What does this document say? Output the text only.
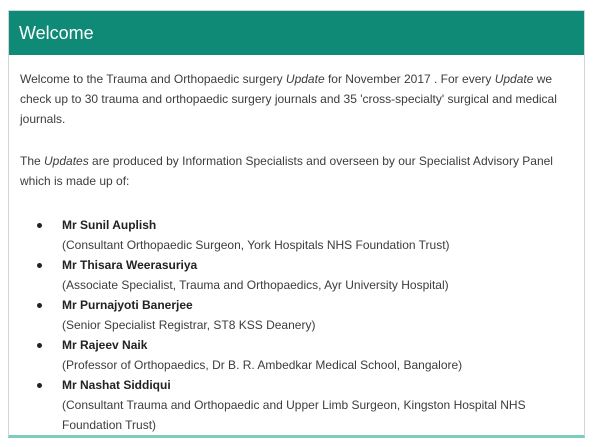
Welcome

Welcome to the Trauma and Orthopaedic surgery Update for November 2017 . For every Update we check up to 30 trauma and orthopaedic surgery journals and 35 'cross-specialty' surgical and medical journals.

The Updates are produced by Information Specialists and overseen by our Specialist Advisory Panel which is made up of:

Mr Sunil Auplish
(Consultant Orthopaedic Surgeon, York Hospitals NHS Foundation Trust)
Mr Thisara Weerasuriya
(Associate Specialist, Trauma and Orthopaedics, Ayr University Hospital)
Mr Purnajyoti Banerjee
(Senior Specialist Registrar, ST8 KSS Deanery)
Mr Rajeev Naik
(Professor of Orthopaedics, Dr B. R. Ambedkar Medical School, Bangalore)
Mr Nashat Siddiqui
(Consultant Trauma and Orthopaedic and Upper Limb Surgeon, Kingston Hospital NHS Foundation Trust)
